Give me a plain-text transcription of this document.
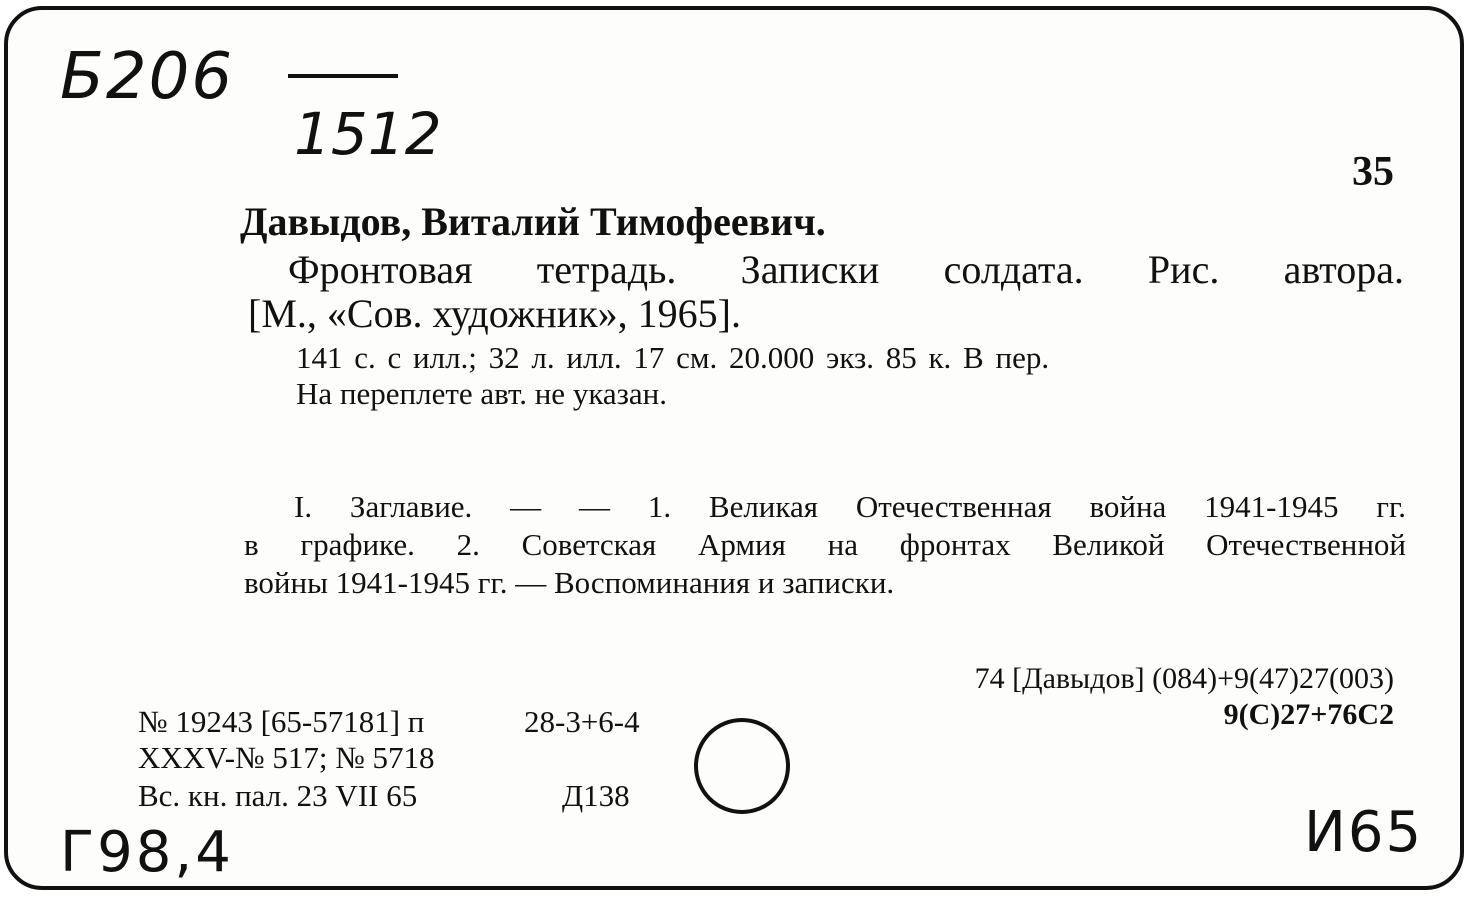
Б206
1512
35
Давыдов, Виталий Тимофеевич.
Фронтовая тетрадь. Записки солдата. Рис. автора.
[М., «Сов. художник», 1965].
141 с. с илл.; 32 л. илл. 17 см. 20.000 экз. 85 к. В пер.
На переплете авт. не указан.
I. Заглавие. — — 1. Великая Отечественная война 1941-1945 гг.
в графике. 2. Советская Армия на фронтах Великой Отечественной
войны 1941-1945 гг. — Воспоминания и записки.
74 [Давыдов] (084)+9(47)27(003)
9(С)27+76С2
№ 19243 [65-57181] п	28-3+6-4
XXXV-№ 517; № 5718
Вс. кн. пал. 23 VII 65	Д138
Г98,4	И65
